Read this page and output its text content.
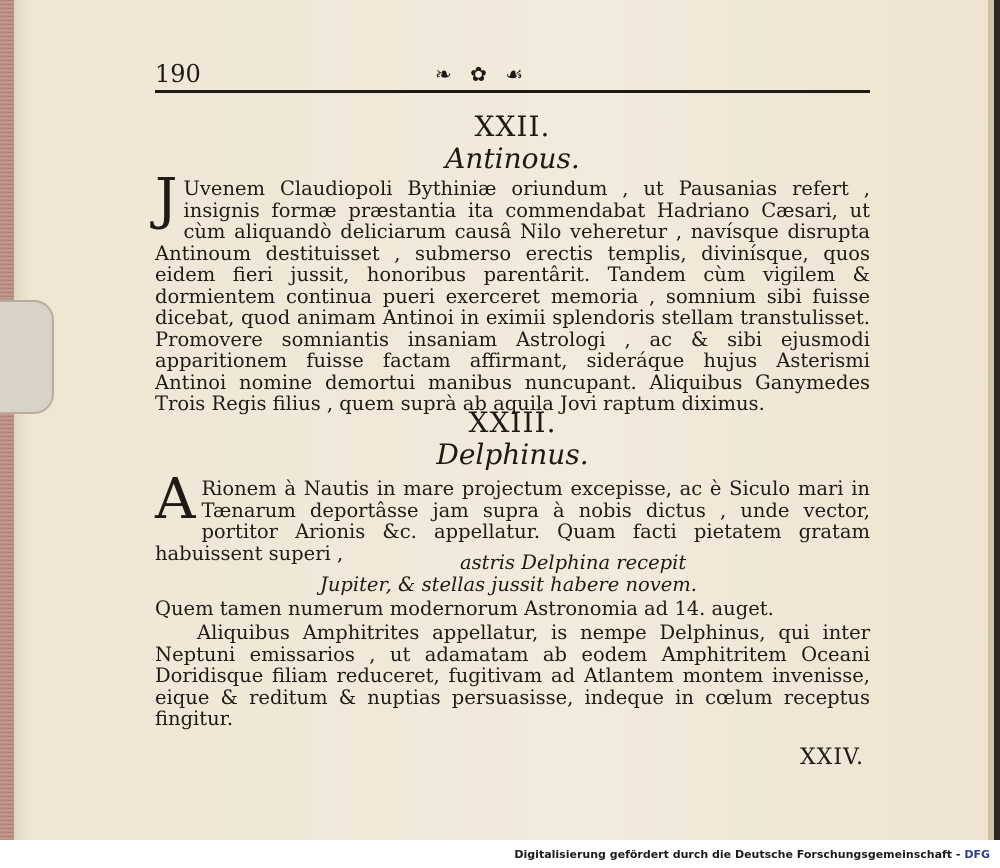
190	❧ ✿ ☙
XXII.
Antinous.
J Uvenem Claudiopoli Bythiniæ oriundum , ut Pausanias refert , insignis formæ præstantia ita commendabat Hadriano Cæsari, ut cùm aliquandò deliciarum causâ Nilo veheretur , navísque disrupta Antinoum destituisset , submerso erectis templis, divinísque, quos eidem fieri jussit, honoribus parentârit. Tandem cùm vigilem & dormientem continua pueri exerceret memoria , somnium sibi fuisse dicebat, quod animam Antinoi in eximii splendoris stellam transtulisset. Promovere somniantis insaniam Astrologi , ac & sibi ejusmodi apparitionem fuisse factam affirmant, sideráque hujus Asterismi Antinoi nomine demortui manibus nuncupant. Aliquibus Ganymedes Trois Regis filius , quem suprà ab aquila Jovi raptum diximus.
XXIII.
Delphinus.
A Rionem à Nautis in mare projectum excepisse, ac è Siculo mari in Tænarum deportâsse jam supra à nobis dictus , unde vector, portitor Arionis &c. appellatur. Quam facti pietatem gratam habuissent superi ,	astris Delphina recepit
Jupiter, & stellas jussit habere novem.
Quem tamen numerum modernorum Astronomia ad 14. auget.
Aliquibus Amphitrites appellatur, is nempe Delphinus, qui inter Neptuni emissarios , ut adamatam ab eodem Amphitritem Oceani Doridisque filiam reduceret, fugitivam ad Atlantem montem invenisse, eique & reditum & nuptias persuasisse, indeque in cœlum receptus fingitur.
XXIV.
Digitalisierung gefördert durch die Deutsche Forschungsgemeinschaft - DFG
